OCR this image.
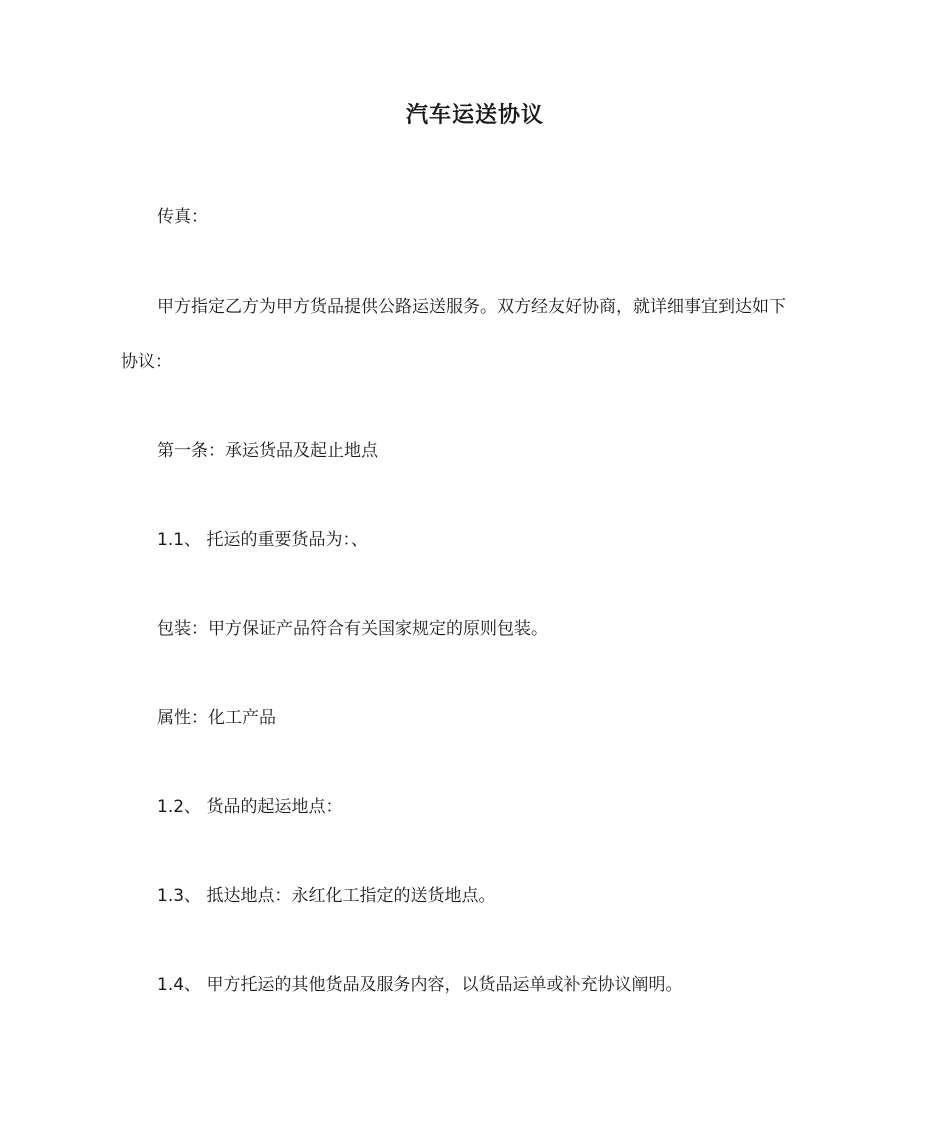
汽车运送协议
传真：
甲方指定乙方为甲方货品提供公路运送服务。双方经友好协商，就详细事宜到达如下
协议：
第一条：承运货品及起止地点
1.1、 托运的重要货品为：、
包装：甲方保证产品符合有关国家规定的原则包装。
属性：化工产品
1.2、 货品的起运地点：
1.3、 抵达地点：永红化工指定的送货地点。
1.4、 甲方托运的其他货品及服务内容，以货品运单或补充协议阐明。
